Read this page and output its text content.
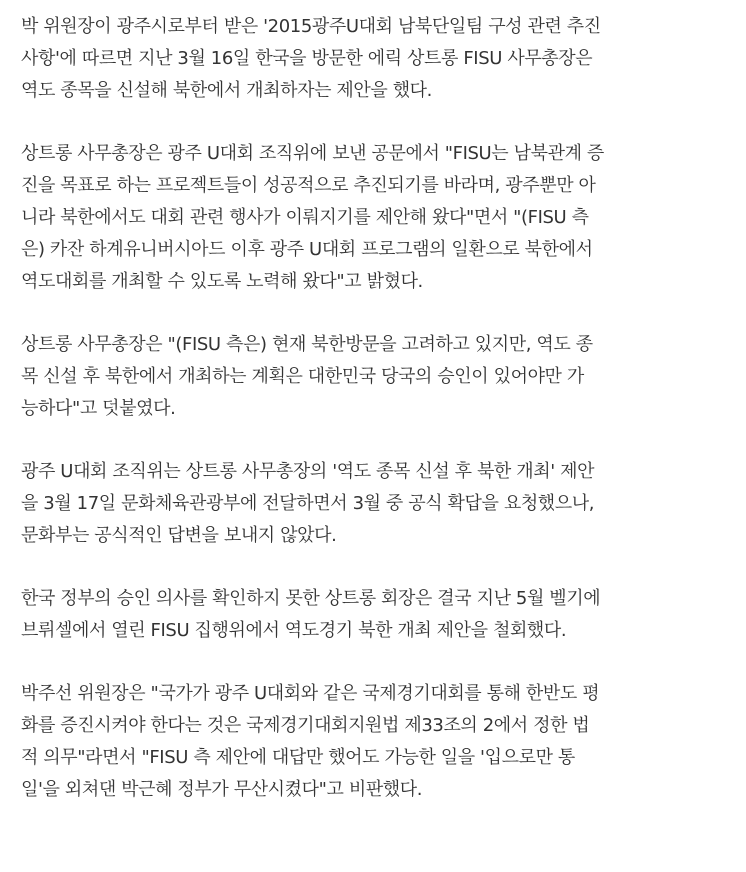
박 위원장이 광주시로부터 받은 '2015광주U대회 남북단일팀 구성 관련 추진
사항'에 따르면 지난 3월 16일 한국을 방문한 에릭 상트롱 FISU 사무총장은
역도 종목을 신설해 북한에서 개최하자는 제안을 했다.
상트롱 사무총장은 광주 U대회 조직위에 보낸 공문에서 "FISU는 남북관계 증
진을 목표로 하는 프로젝트들이 성공적으로 추진되기를 바라며, 광주뿐만 아
니라 북한에서도 대회 관련 행사가 이뤄지기를 제안해 왔다"면서 "(FISU 측
은) 카잔 하계유니버시아드 이후 광주 U대회 프로그램의 일환으로 북한에서
역도대회를 개최할 수 있도록 노력해 왔다"고 밝혔다.
상트롱 사무총장은 "(FISU 측은) 현재 북한방문을 고려하고 있지만, 역도 종
목 신설 후 북한에서 개최하는 계획은 대한민국 당국의 승인이 있어야만 가
능하다"고 덧붙였다.
광주 U대회 조직위는 상트롱 사무총장의 '역도 종목 신설 후 북한 개최' 제안
을 3월 17일 문화체육관광부에 전달하면서 3월 중 공식 확답을 요청했으나,
문화부는 공식적인 답변을 보내지 않았다.
한국 정부의 승인 의사를 확인하지 못한 상트롱 회장은 결국 지난 5월 벨기에
브뤼셀에서 열린 FISU 집행위에서 역도경기 북한 개최 제안을 철회했다.
박주선 위원장은 "국가가 광주 U대회와 같은 국제경기대회를 통해 한반도 평
화를 증진시켜야 한다는 것은 국제경기대회지원법 제33조의 2에서 정한 법
적 의무"라면서 "FISU 측 제안에 대답만 했어도 가능한 일을 '입으로만 통
일'을 외쳐댄 박근혜 정부가 무산시켰다"고 비판했다.
